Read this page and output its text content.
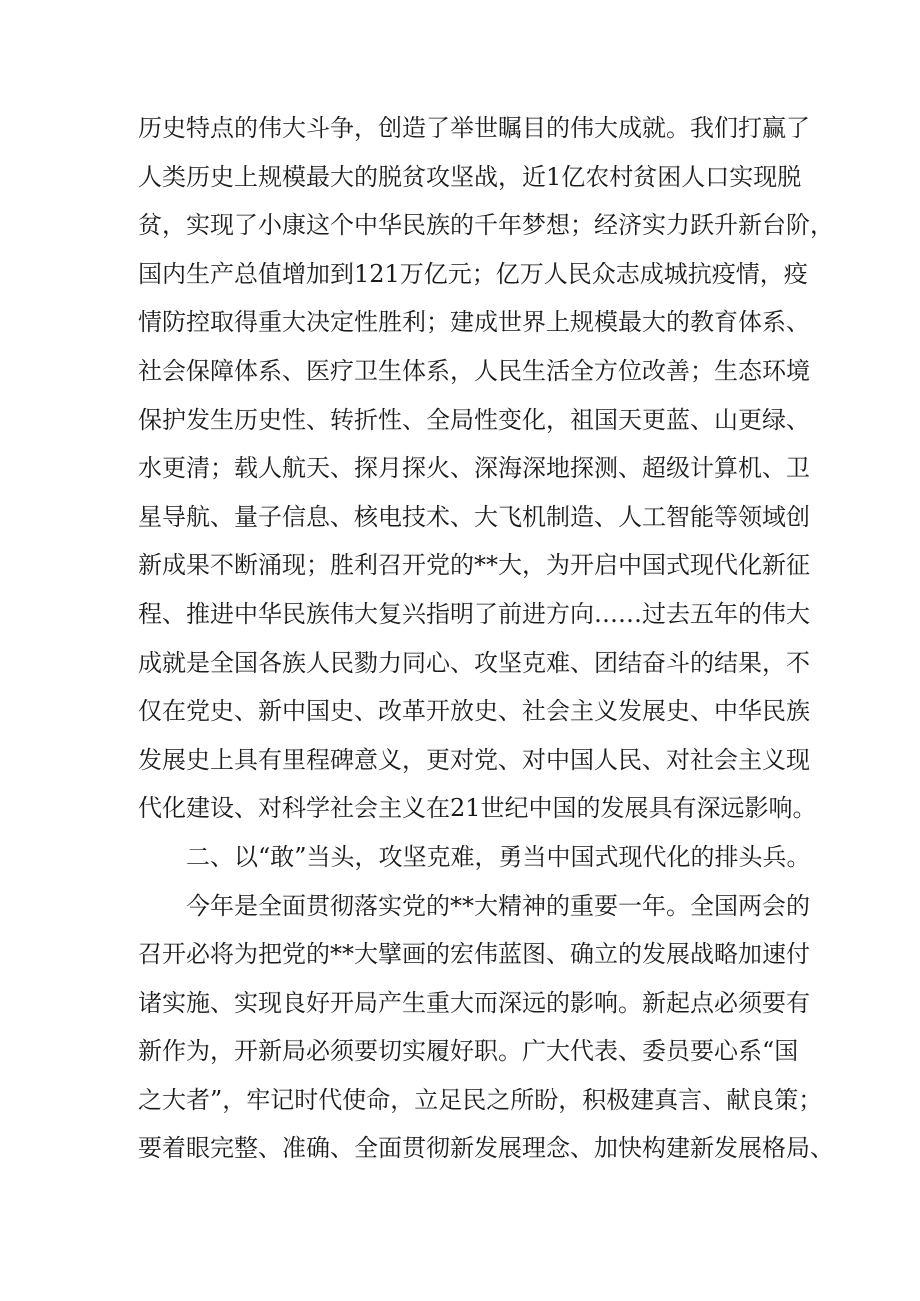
历史特点的伟大斗争，创造了举世瞩目的伟大成就。我们打赢了
人类历史上规模最大的脱贫攻坚战，近1亿农村贫困人口实现脱
贫，实现了小康这个中华民族的千年梦想；经济实力跃升新台阶，
国内生产总值增加到121万亿元；亿万人民众志成城抗疫情，疫
情防控取得重大决定性胜利；建成世界上规模最大的教育体系、
社会保障体系、医疗卫生体系，人民生活全方位改善；生态环境
保护发生历史性、转折性、全局性变化，祖国天更蓝、山更绿、
水更清；载人航天、探月探火、深海深地探测、超级计算机、卫
星导航、量子信息、核电技术、大飞机制造、人工智能等领域创
新成果不断涌现；胜利召开党的**大，为开启中国式现代化新征
程、推进中华民族伟大复兴指明了前进方向……过去五年的伟大
成就是全国各族人民勠力同心、攻坚克难、团结奋斗的结果，不
仅在党史、新中国史、改革开放史、社会主义发展史、中华民族
发展史上具有里程碑意义，更对党、对中国人民、对社会主义现
代化建设、对科学社会主义在21世纪中国的发展具有深远影响。
二、以“敢”当头，攻坚克难，勇当中国式现代化的排头兵。
今年是全面贯彻落实党的**大精神的重要一年。全国两会的
召开必将为把党的**大擘画的宏伟蓝图、确立的发展战略加速付
诸实施、实现良好开局产生重大而深远的影响。新起点必须要有
新作为，开新局必须要切实履好职。广大代表、委员要心系“国
之大者”，牢记时代使命，立足民之所盼，积极建真言、献良策；
要着眼完整、准确、全面贯彻新发展理念、加快构建新发展格局、
